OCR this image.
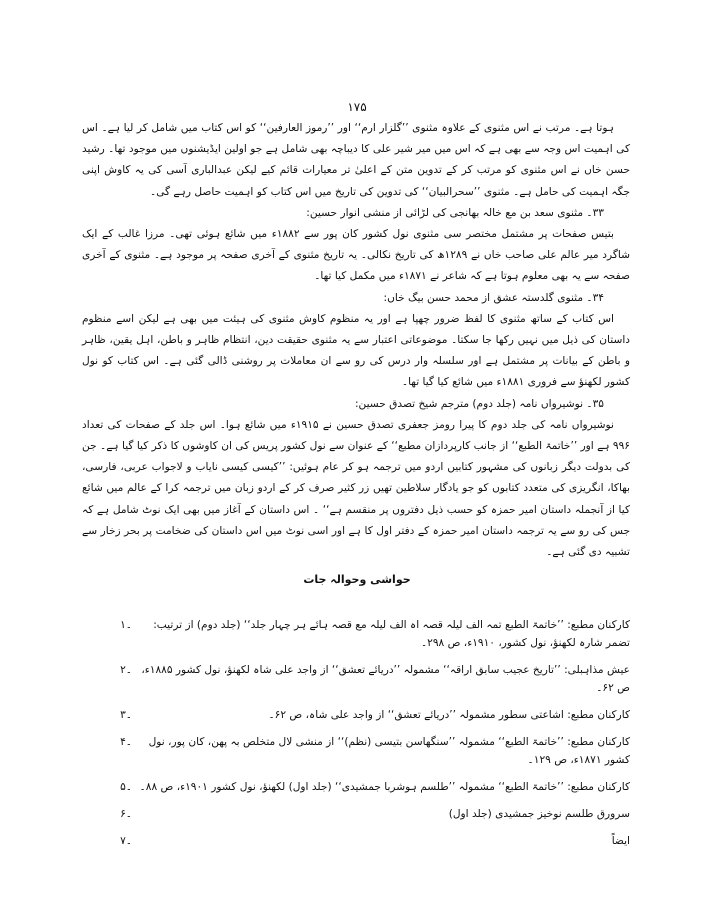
۱۷۵

ہوتا ہے۔ مرتب نے اس مثنوی کے علاوہ مثنوی ’’گلزار ارم‘‘ اور ’’رموز العارفین‘‘ کو اس کتاب میں شامل کر لیا ہے۔ اس کی اہمیت اس وجہ سے بھی ہے کہ اس میں میر شیر علی کا دیباچہ بھی شامل ہے جو اولین ایڈیشنوں میں موجود تھا۔ رشید حسن خاں نے اس مثنوی کو مرتب کر کے تدوین متن کے اعلیٰ تر معیارات قائم کیے لیکن عبدالباری آسی کی یہ کاوش اپنی جگہ اہمیت کی حامل ہے۔ مثنوی ’’سحرالبیان‘‘ کی تدوین کی تاریخ میں اس کتاب کو اہمیت حاصل رہے گی۔

۳۳۔ مثنوی سعد بن مع خالہ بھانجی کی لڑائی از منشی انوار حسین:

بتیس صفحات پر مشتمل مختصر سی مثنوی نول کشور کان پور سے ۱۸۸۲ء میں شائع ہوئی تھی۔ مرزا غالب کے ایک شاگرد میر عالم علی صاحب خاں نے ۱۲۸۹ھ کی تاریخ نکالی۔ یہ تاریخ مثنوی کے آخری صفحہ پر موجود ہے۔ مثنوی کے آخری صفحہ سے یہ بھی معلوم ہوتا ہے کہ شاعر نے ۱۸۷۱ء میں مکمل کیا تھا۔

۳۴۔ مثنوی گلدستہ عشق از محمد حسن بیگ خاں:

اس کتاب کے ساتھ مثنوی کا لفظ ضرور چھپا ہے اور یہ منظوم کاوش مثنوی کی ہیئت میں بھی ہے لیکن اسے منظوم داستان کی ذیل میں نہیں رکھا جا سکتا۔ موضوعاتی اعتبار سے یہ مثنوی حقیقت دین، انتظام ظاہر و باطن، اہل یقین، ظاہر و باطن کے بیانات پر مشتمل ہے اور سلسلہ وار درس کی رو سے ان معاملات پر روشنی ڈالی گئی ہے۔ اس کتاب کو نول کشور لکھنؤ سے فروری ۱۸۸۱ء میں شائع کیا گیا تھا۔

۳۵۔ نوشیرواں نامہ (جلد دوم) مترجم شیخ تصدق حسین:

نوشیرواں نامہ کی جلد دوم کا پیرا رومز جعفری تصدق حسین نے ۱۹۱۵ء میں شائع ہوا۔ اس جلد کے صفحات کی تعداد ۹۹۶ ہے اور ’’خاتمۃ الطبع‘‘ از جانب کارپردازان مطبع‘‘ کے عنوان سے نول کشور پریس کی ان کاوشوں کا ذکر کیا گیا ہے۔ جن کی بدولت دیگر زبانوں کی مشہور کتابیں اردو میں ترجمہ ہو کر عام ہوئیں: ’’کیسی کیسی نایاب و لاجواب عربی، فارسی، بھاکا، انگریزی کی متعدد کتابوں کو جو یادگار سلاطین تھیں زر کثیر صرف کر کے اردو زبان میں ترجمہ کرا کے عالم میں شائع کیا از آنجملہ داستان امیر حمزہ کو حسب ذیل دفتروں پر منقسم ہے‘‘ ۔ اس داستان کے آغاز میں بھی ایک نوٹ شامل ہے کہ جس کی رو سے یہ ترجمہ داستان امیر حمزہ کے دفتر اول کا ہے اور اسی نوٹ میں اس داستان کی ضخامت پر بحر زخار سے تشبیہ دی گئی ہے۔

حواشی وحوالہ جات
کارکنان مطبع: ’’خاتمۃ الطبع تمہ الف لیلہ قصہ اہ الف لیلہ مع قصہ ہائے ہر چہار جلد‘‘ (جلد دوم) از ترتیب: تضمر شارہ لکھنؤ، نول کشور، ۱۹۱۰ء، ص ۲۹۸۔
۔۱
عیش مذاہبلی: ’’تاریخ عجیب سابق اراقہ‘‘ مشمولہ ’’دریائے تعشق‘‘ از واجد علی شاہ لکھنؤ، نول کشور ۱۸۸۵ء، ص ۶۲۔
۔۲
کارکنان مطبع: اشاعتی سطور مشمولہ ’’دریائے تعشق‘‘ از واجد علی شاہ، ص ۶۲۔
۔۳
کارکنان مطبع: ’’خاتمۃ الطبع‘‘ مشمولہ ’’سنگھاسن بتیسی (نظم)‘‘ از منشی لال متخلص بہ پھن، کان پور، نول کشور ۱۸۷۱ء، ص ۱۲۹۔
۔۴
کارکنان مطبع: ’’خاتمۃ الطبع‘‘ مشمولہ ’’طلسم ہوشربا جمشیدی‘‘ (جلد اول) لکھنؤ، نول کشور ۱۹۰۱ء، ص ۸۸۔
۔۵
سرورق طلسم نوخیز جمشیدی (جلد اول)
۔۶
ایضاً
۔۷
